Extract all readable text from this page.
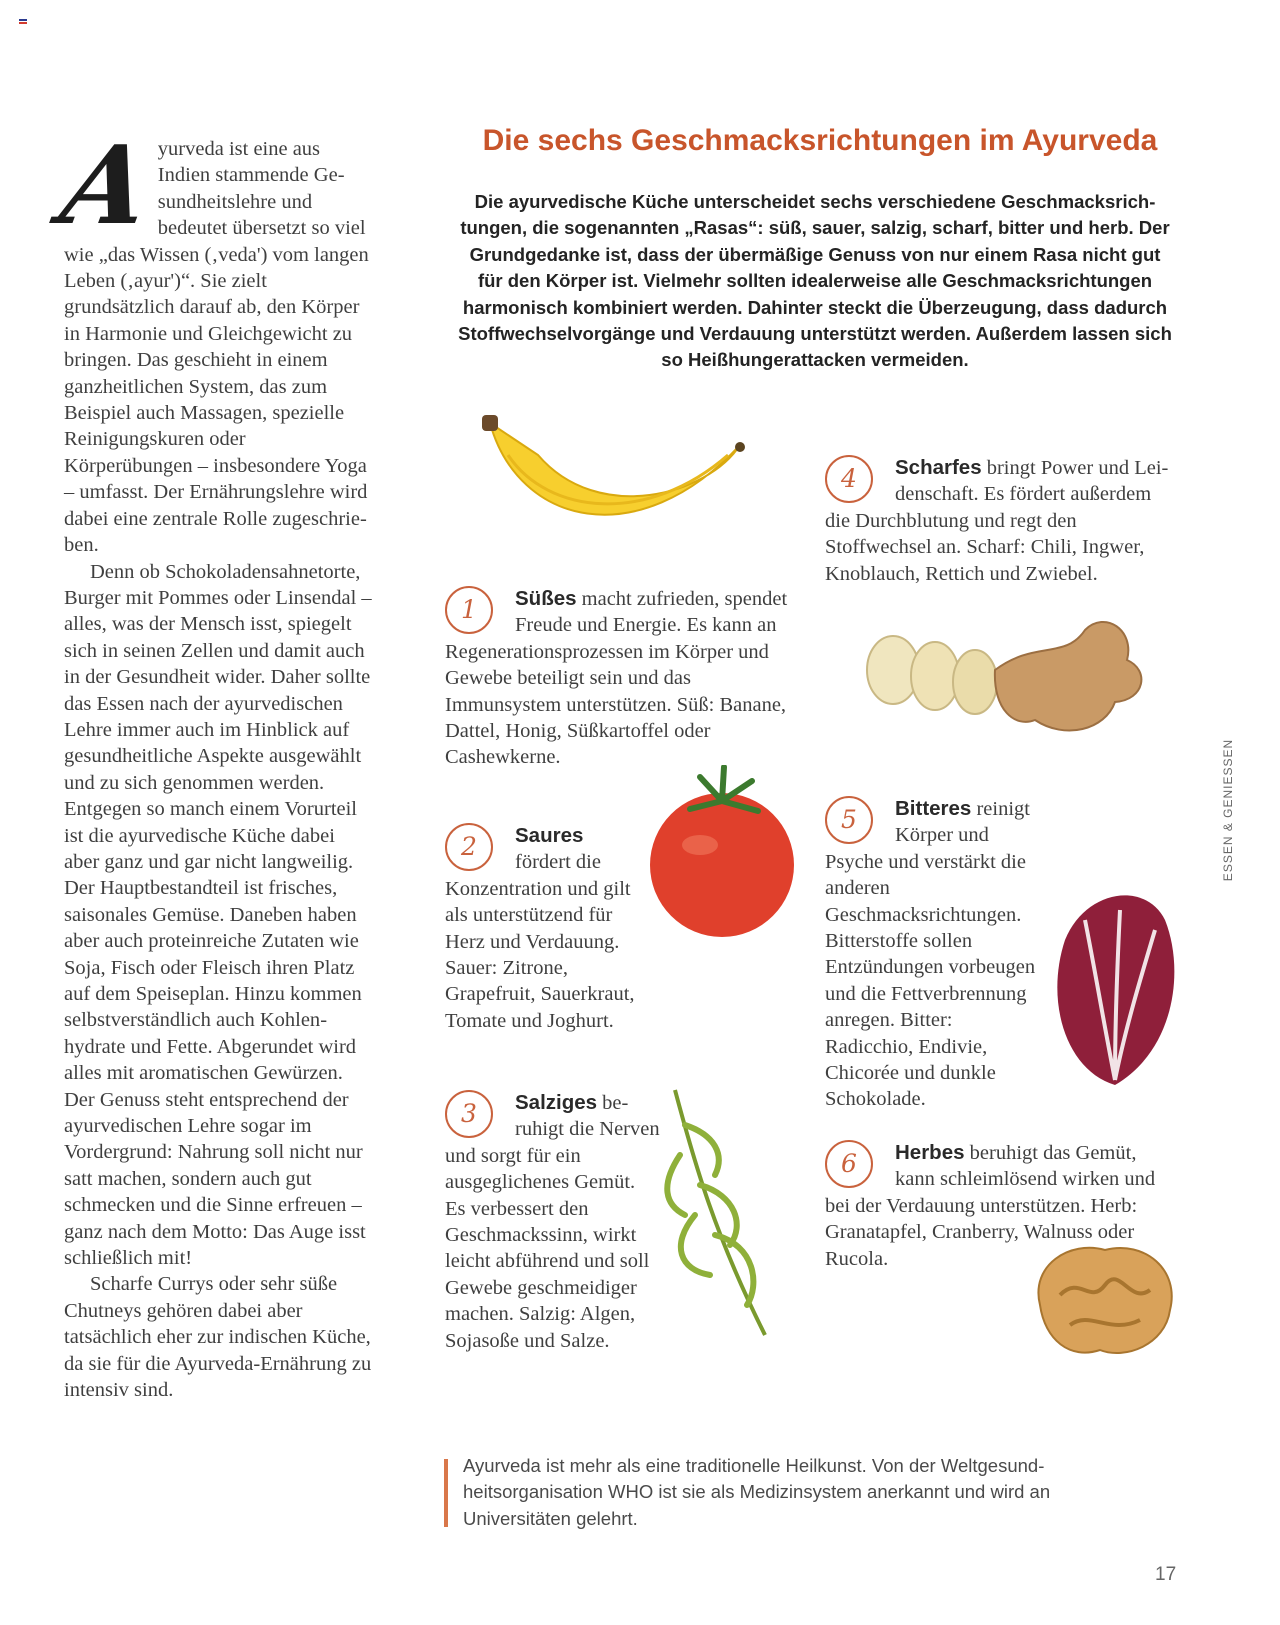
A

yurveda ist eine aus Indien stammende Gesundheitslehre und bedeutet übersetzt so viel wie „das Wissen (‚veda') vom langen Leben (‚ayur')“. Sie zielt grundsätzlich darauf ab, den Körper in Harmonie und Gleichgewicht zu bringen. Das geschieht in einem ganzheitlichen System, das zum Beispiel auch Massagen, spezielle Reinigungskuren oder Körperübungen – insbesondere Yoga – umfasst. Der Ernährungslehre wird dabei eine zentrale Rolle zugeschrieben.

Denn ob Schokoladensahnetorte, Burger mit Pommes oder Linsendal – alles, was der Mensch isst, spiegelt sich in seinen Zellen und damit auch in der Gesundheit wider. Daher sollte das Essen nach der ayurvedischen Lehre immer auch im Hinblick auf gesundheitliche Aspekte ausgewählt und zu sich genommen werden. Entgegen so manch einem Vorurteil ist die ayurvedische Küche dabei aber ganz und gar nicht langweilig. Der Hauptbestandteil ist frisches, saisonales Gemüse. Daneben haben aber auch proteinreiche Zutaten wie Soja, Fisch oder Fleisch ihren Platz auf dem Speiseplan. Hinzu kommen selbstverständlich auch Kohlenhydrate und Fette. Abgerundet wird alles mit aromatischen Gewürzen. Der Genuss steht entsprechend der ayurvedischen Lehre sogar im Vordergrund: Nahrung soll nicht nur satt machen, sondern auch gut schmecken und die Sinne erfreuen – ganz nach dem Motto: Das Auge isst schließlich mit!

Scharfe Currys oder sehr süße Chutneys gehören dabei aber tatsächlich eher zur indischen Küche, da sie für die Ayurveda-Ernährung zu intensiv sind.

Die sechs Geschmacksrichtungen im Ayurveda

Die ayurvedische Küche unterscheidet sechs verschiedene Geschmacksrichtungen, die sogenannten „Rasas“: süß, sauer, salzig, scharf, bitter und herb. Der Grundgedanke ist, dass der übermäßige Genuss von nur einem Rasa nicht gut für den Körper ist. Vielmehr sollten idealerweise alle Geschmacksrichtungen harmonisch kombiniert werden. Dahinter steckt die Überzeugung, dass dadurch Stoffwechselvorgänge und Verdauung unterstützt werden. Außerdem lassen sich so Heißhungerattacken vermeiden.

1	Süßes macht zufrieden, spendet Freude und Energie. Es kann an Regenerationsprozessen im Körper und Gewebe beteiligt sein und das Immunsystem unterstützen. Süß: Banane, Dattel, Honig, Süßkartoffel oder Cashewkerne.

2	Saures fördert die Konzentration und gilt als unterstützend für Herz und Verdauung. Sauer: Zitrone, Grapefruit, Sauerkraut, Tomate und Joghurt.

3	Salziges beruhigt die Nerven und sorgt für ein ausgeglichenes Gemüt. Es verbessert den Geschmackssinn, wirkt leicht abführend und soll Gewebe geschmeidiger machen. Salzig: Algen, Sojasoße und Salze.

4	Scharfes bringt Power und Leidenschaft. Es fördert außerdem die Durchblutung und regt den Stoffwechsel an. Scharf: Chili, Ingwer, Knoblauch, Rettich und Zwiebel.

5	Bitteres reinigt Körper und Psyche und verstärkt die anderen Geschmacksrichtungen. Bitterstoffe sollen Entzündungen vorbeugen und die Fettverbrennung anregen. Bitter: Radicchio, Endivie, Chicorée und dunkle Schokolade.

6	Herbes beruhigt das Gemüt, kann schleimlösend wirken und bei der Verdauung unterstützen. Herb: Granatapfel, Cranberry, Walnuss oder Rucola.

Ayurveda ist mehr als eine traditionelle Heilkunst. Von der Weltgesundheitsorganisation WHO ist sie als Medizinsystem anerkannt und wird an Universitäten gelehrt.

ESSEN & GENIESSEN
17
